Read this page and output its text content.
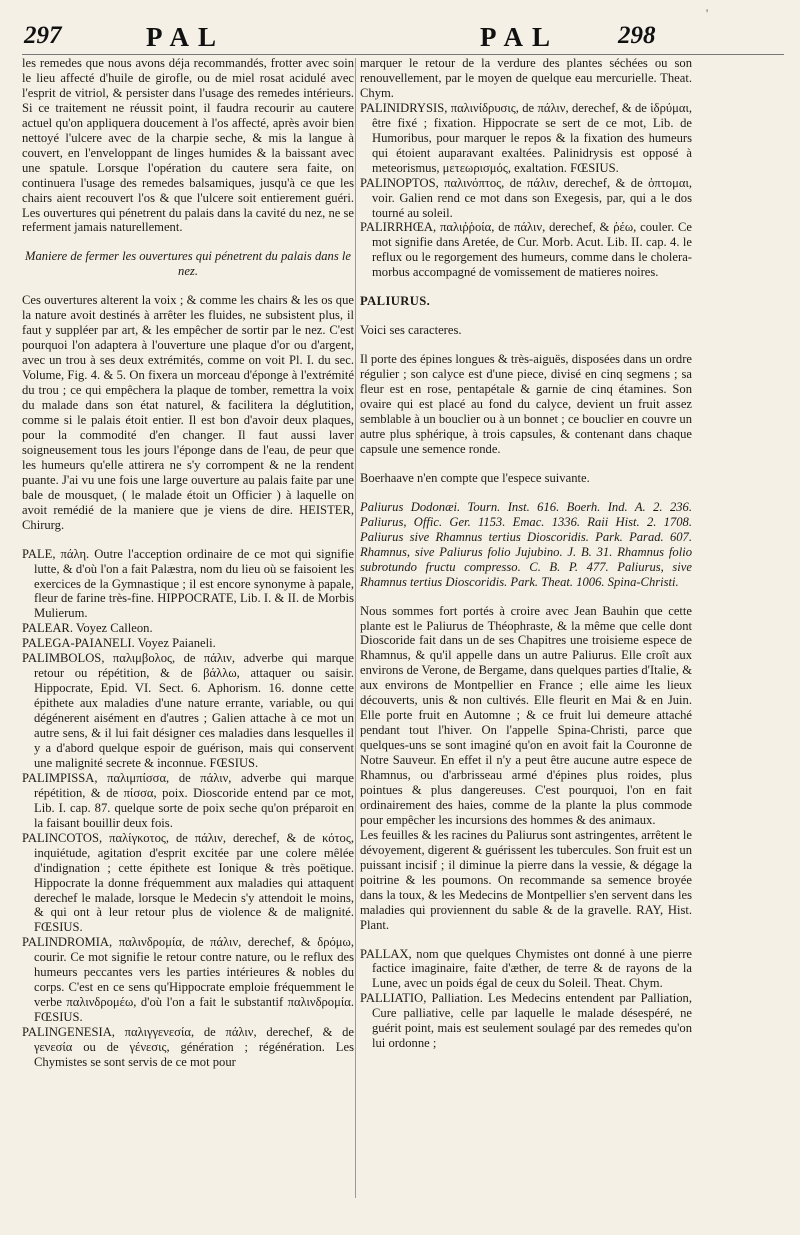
297	PAL	PAL 298
'

les remedes que nous avons déja recommandés, frotter avec soin le lieu affecté d'huile de girofle, ou de miel rosat acidulé avec l'esprit de vitriol, & persister dans l'usage des remedes intérieurs. Si ce traitement ne réussit point, il faudra recourir au cautere actuel qu'on appliquera doucement à l'os affecté, après avoir bien nettoyé l'ulcere avec de la charpie seche, & mis la langue à couvert, en l'enveloppant de linges humides & la baissant avec une spatule. Lorsque l'opération du cautere sera faite, on continuera l'usage des remedes balsamiques, jusqu'à ce que les chairs aient recouvert l'os & que l'ulcere soit entierement guéri. Les ouvertures qui pénetrent du palais dans la cavité du nez, ne se referment jamais naturellement.

Maniere de fermer les ouvertures qui pénetrent du palais dans le nez.

Ces ouvertures alterent la voix ; & comme les chairs & les os que la nature avoit destinés à arrêter les fluides, ne subsistent plus, il faut y suppléer par art, & les empêcher de sortir par le nez. C'est pourquoi l'on adaptera à l'ouverture une plaque d'or ou d'argent, avec un trou à ses deux extrémités, comme on voit Pl. I. du sec. Volume, Fig. 4. & 5. On fixera un morceau d'éponge à l'extrémité du trou ; ce qui empêchera la plaque de tomber, remettra la voix du malade dans son état naturel, & facilitera la déglutition, comme si le palais étoit entier. Il est bon d'avoir deux plaques, pour la commodité d'en changer. Il faut aussi laver soigneusement tous les jours l'éponge dans de l'eau, de peur que les humeurs qu'elle attirera ne s'y corrompent & ne la rendent puante. J'ai vu une fois une large ouverture au palais faite par une bale de mousquet, ( le malade étoit un Officier ) à laquelle on avoit remédié de la maniere que je viens de dire. HEISTER, Chirurg.

PALE, πάλη. Outre l'acception ordinaire de ce mot qui signifie lutte, & d'où l'on a fait Palæstra, nom du lieu où se faisoient les exercices de la Gymnastique ; il est encore synonyme à papale, fleur de farine très-fine. HIPPOCRATE, Lib. I. & II. de Morbis Mulierum.

PALEAR. Voyez Calleon.

PALEGA-PAIANELI. Voyez Paianeli.

PALIMBOLOS, παλιμβολος, de πάλιν, adverbe qui marque retour ou répétition, & de βάλλω, attaquer ou saisir. Hippocrate, Epid. VI. Sect. 6. Aphorism. 16. donne cette épithete aux maladies d'une nature errante, variable, ou qui dégénerent aisément en d'autres ; Galien attache à ce mot un autre sens, & il lui fait désigner ces maladies dans lesquelles il y a d'abord quelque espoir de guérison, mais qui conservent une malignité secrete & inconnue. FŒSIUS.

PALIMPISSA, παλιμπίσσα, de πάλιν, adverbe qui marque répétition, & de πίσσα, poix. Dioscoride entend par ce mot, Lib. I. cap. 87. quelque sorte de poix seche qu'on préparoit en la faisant bouillir deux fois.

PALINCOTOS, παλίγκοτος, de πάλιν, derechef, & de κότος, inquiétude, agitation d'esprit excitée par une colere mêlée d'indignation ; cette épithete est Ionique & très poëtique. Hippocrate la donne fréquemment aux maladies qui attaquent derechef le malade, lorsque le Medecin s'y attendoit le moins, & qui ont à leur retour plus de violence & de malignité. FŒSIUS.

PALINDROMIA, παλινδρομία, de πάλιν, derechef, & δρόμω, courir. Ce mot signifie le retour contre nature, ou le reflux des humeurs peccantes vers les parties intérieures & nobles du corps. C'est en ce sens qu'Hippocrate emploie fréquemment le verbe παλινδρομέω, d'où l'on a fait le substantif παλινδρομία. FŒSIUS.

PALINGENESIA, παλιγγενεσία, de πάλιν, derechef, & de γενεσία ou de γένεσις, génération ; régénération. Les Chymistes se sont servis de ce mot pour

marquer le retour de la verdure des plantes séchées ou son renouvellement, par le moyen de quelque eau mercurielle. Theat. Chym.

PALINIDRYSIS, παλινίδρυσις, de πάλιν, derechef, & de ἱδρύμαι, être fixé ; fixation. Hippocrate se sert de ce mot, Lib. de Humoribus, pour marquer le repos & la fixation des humeurs qui étoient auparavant exaltées. Palinidrysis est opposé à meteorismus, μετεωρισμός, exaltation. FŒSIUS.

PALINOPTOS, παλινόπτος, de πάλιν, derechef, & de ὀπτομαι, voir. Galien rend ce mot dans son Exegesis, par, qui a le dos tourné au soleil.

PALIRRHŒA, παλιῤῥοία, de πάλιν, derechef, & ῥέω, couler. Ce mot signifie dans Aretée, de Cur. Morb. Acut. Lib. II. cap. 4. le reflux ou le regorgement des humeurs, comme dans le cholera-morbus accompagné de vomissement de matieres noires.

PALIURUS.

Voici ses caracteres.

Il porte des épines longues & très-aiguës, disposées dans un ordre régulier ; son calyce est d'une piece, divisé en cinq segmens ; sa fleur est en rose, pentapétale & garnie de cinq étamines. Son ovaire qui est placé au fond du calyce, devient un fruit assez semblable à un bouclier ou à un bonnet ; ce bouclier en couvre un autre plus sphérique, à trois capsules, & contenant dans chaque capsule une semence ronde.

Boerhaave n'en compte que l'espece suivante.

Paliurus Dodonæi. Tourn. Inst. 616. Boerh. Ind. A. 2. 236. Paliurus, Offic. Ger. 1153. Emac. 1336. Raii Hist. 2. 1708. Paliurus sive Rhamnus tertius Dioscoridis. Park. Parad. 607. Rhamnus, sive Paliurus folio Jujubino. J. B. 31. Rhamnus folio subrotundo fructu compresso. C. B. P. 477. Paliurus, sive Rhamnus tertius Dioscoridis. Park. Theat. 1006. Spina-Christi.

Nous sommes fort portés à croire avec Jean Bauhin que cette plante est le Paliurus de Théophraste, & la même que celle dont Dioscoride fait dans un de ses Chapitres une troisieme espece de Rhamnus, & qu'il appelle dans un autre Paliurus. Elle croît aux environs de Verone, de Bergame, dans quelques parties d'Italie, & aux environs de Montpellier en France ; elle aime les lieux découverts, unis & non cultivés. Elle fleurit en Mai & en Juin. Elle porte fruit en Automne ; & ce fruit lui demeure attaché pendant tout l'hiver. On l'appelle Spina-Christi, parce que quelques-uns se sont imaginé qu'on en avoit fait la Couronne de Notre Sauveur. En effet il n'y a peut être aucune autre espece de Rhamnus, ou d'arbrisseau armé d'épines plus roides, plus pointues & plus dangereuses. C'est pourquoi, l'on en fait ordinairement des haies, comme de la plante la plus commode pour empêcher les incursions des hommes & des animaux.

Les feuilles & les racines du Paliurus sont astringentes, arrêtent le dévoyement, digerent & guérissent les tubercules. Son fruit est un puissant incisif ; il diminue la pierre dans la vessie, & dégage la poitrine & les poumons. On recommande sa semence broyée dans la toux, & les Medecins de Montpellier s'en servent dans les maladies qui proviennent du sable & de la gravelle. RAY, Hist. Plant.

PALLAX, nom que quelques Chymistes ont donné à une pierre factice imaginaire, faite d'æther, de terre & de rayons de la Lune, avec un poids égal de ceux du Soleil. Theat. Chym.

PALLIATIO, Palliation. Les Medecins entendent par Palliation, Cure palliative, celle par laquelle le malade désespéré, ne guérit point, mais est seulement soulagé par des remedes qu'on lui ordonne ;
